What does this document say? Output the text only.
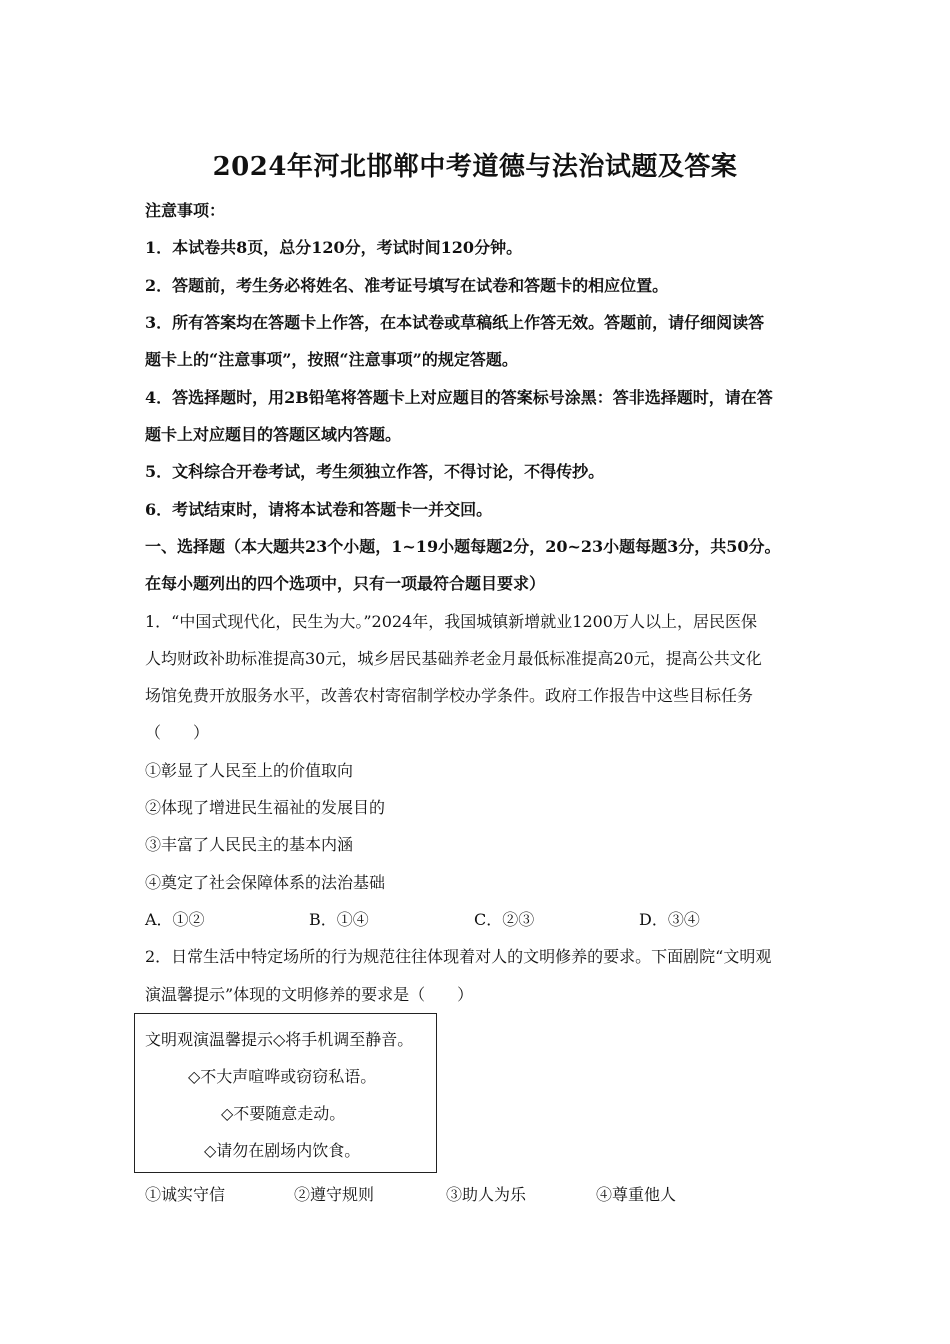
2024年河北邯郸中考道德与法治试题及答案
注意事项：
1．本试卷共8页，总分120分，考试时间120分钟。
2．答题前，考生务必将姓名、准考证号填写在试卷和答题卡的相应位置。
3．所有答案均在答题卡上作答，在本试卷或草稿纸上作答无效。答题前，请仔细阅读答
题卡上的“注意事项”，按照“注意事项”的规定答题。
4．答选择题时，用2B铅笔将答题卡上对应题目的答案标号涂黑：答非选择题时，请在答
题卡上对应题目的答题区域内答题。
5．文科综合开卷考试，考生须独立作答，不得讨论，不得传抄。
6．考试结束时，请将本试卷和答题卡一并交回。
一、选择题（本大题共23个小题，1~19小题每题2分，20~23小题每题3分，共50分。
在每小题列出的四个选项中，只有一项最符合题目要求）
1．“中国式现代化，民生为大。”2024年，我国城镇新增就业1200万人以上，居民医保
人均财政补助标准提高30元，城乡居民基础养老金月最低标准提高20元，提高公共文化
场馆免费开放服务水平，改善农村寄宿制学校办学条件。政府工作报告中这些目标任务
（　　）
①彰显了人民至上的价值取向
②体现了增进民生福祉的发展目的
③丰富了人民民主的基本内涵
④奠定了社会保障体系的法治基础
A．①②	B．①④	C．②③	D．③④
2．日常生活中特定场所的行为规范往往体现着对人的文明修养的要求。下面剧院“文明观
演温馨提示”体现的文明修养的要求是（　　）
文明观演温馨提示◇将手机调至静音。
◇不大声喧哗或窃窃私语。
◇不要随意走动。
◇请勿在剧场内饮食。
①诚实守信	②遵守规则	③助人为乐	④尊重他人
